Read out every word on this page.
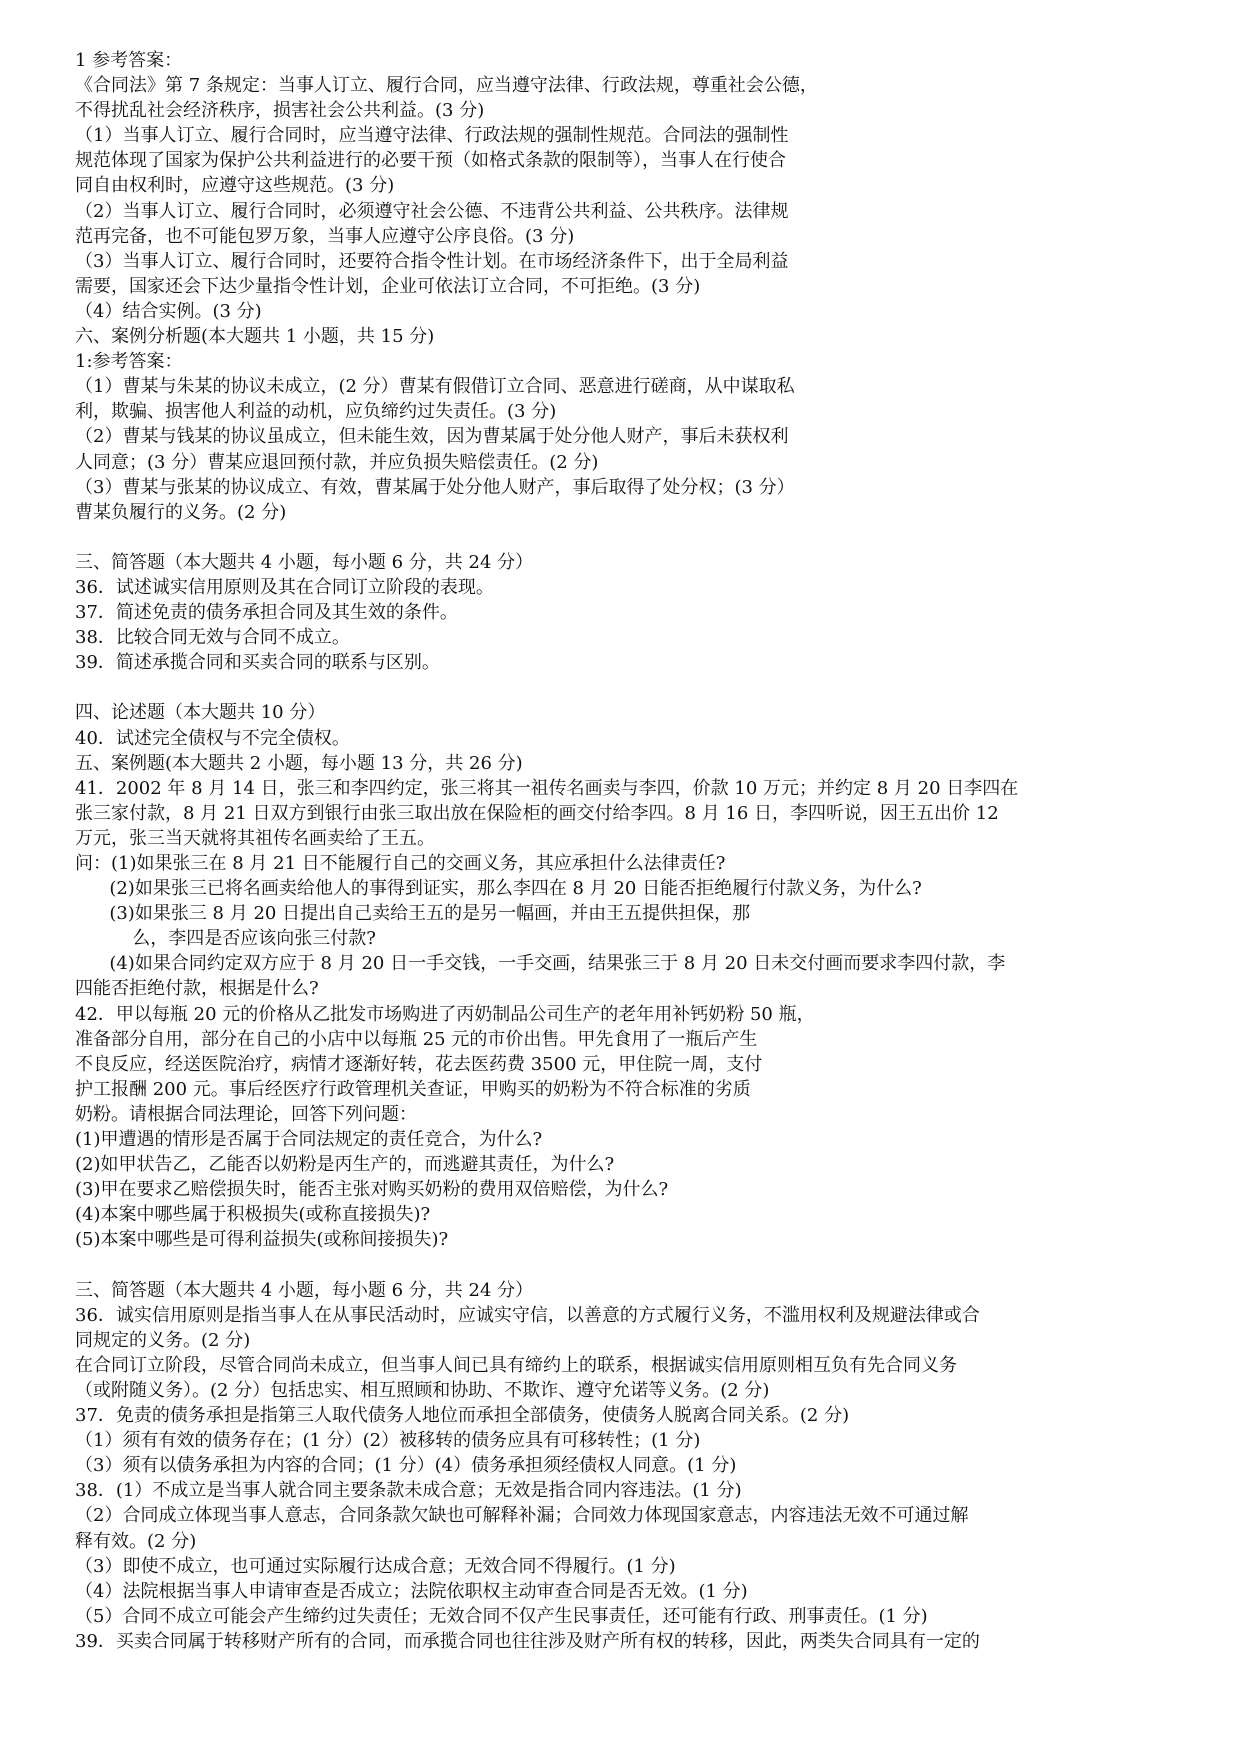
1 参考答案：
《合同法》第 7 条规定：当事人订立、履行合同，应当遵守法律、行政法规，尊重社会公德，
不得扰乱社会经济秩序，损害社会公共利益。(3 分)
（1）当事人订立、履行合同时，应当遵守法律、行政法规的强制性规范。合同法的强制性
规范体现了国家为保护公共利益进行的必要干预（如格式条款的限制等），当事人在行使合
同自由权利时，应遵守这些规范。(3 分)
（2）当事人订立、履行合同时，必须遵守社会公德、不违背公共利益、公共秩序。法律规
范再完备，也不可能包罗万象，当事人应遵守公序良俗。(3 分)
（3）当事人订立、履行合同时，还要符合指令性计划。在市场经济条件下，出于全局利益
需要，国家还会下达少量指令性计划，企业可依法订立合同，不可拒绝。(3 分)
（4）结合实例。(3 分)
六、案例分析题(本大题共 1 小题，共 15 分)
1:参考答案：
（1）曹某与朱某的协议未成立，(2 分）曹某有假借订立合同、恶意进行磋商，从中谋取私
利，欺骗、损害他人利益的动机，应负缔约过失责任。(3 分)
（2）曹某与钱某的协议虽成立，但未能生效，因为曹某属于处分他人财产，事后未获权利
人同意；(3 分）曹某应退回预付款，并应负损失赔偿责任。(2 分)
（3）曹某与张某的协议成立、有效，曹某属于处分他人财产，事后取得了处分权；(3 分）
曹某负履行的义务。(2 分)
三、简答题（本大题共 4 小题，每小题 6 分，共 24 分）
36．试述诚实信用原则及其在合同订立阶段的表现。
37．简述免责的债务承担合同及其生效的条件。
38．比较合同无效与合同不成立。
39．简述承揽合同和买卖合同的联系与区别。
四、论述题（本大题共 10 分）
40．试述完全债权与不完全债权。
五、案例题(本大题共 2 小题，每小题 13 分，共 26 分)
41．2002 年 8 月 14 日，张三和李四约定，张三将其一祖传名画卖与李四，价款 10 万元；并约定 8 月 20 日李四在
张三家付款，8 月 21 日双方到银行由张三取出放在保险柜的画交付给李四。8 月 16 日，李四听说，因王五出价 12
万元，张三当天就将其祖传名画卖给了王五。
问：(1)如果张三在 8 月 21 日不能履行自己的交画义务，其应承担什么法律责任?
(2)如果张三已将名画卖给他人的事得到证实，那么李四在 8 月 20 日能否拒绝履行付款义务，为什么?
(3)如果张三 8 月 20 日提出自己卖给王五的是另一幅画，并由王五提供担保，那
么，李四是否应该向张三付款?
(4)如果合同约定双方应于 8 月 20 日一手交钱，一手交画，结果张三于 8 月 20 日未交付画而要求李四付款，李
四能否拒绝付款，根据是什么?
42．甲以每瓶 20 元的价格从乙批发市场购进了丙奶制品公司生产的老年用补钙奶粉 50 瓶，
准备部分自用，部分在自己的小店中以每瓶 25 元的市价出售。甲先食用了一瓶后产生
不良反应，经送医院治疗，病情才逐渐好转，花去医药费 3500 元，甲住院一周，支付
护工报酬 200 元。事后经医疗行政管理机关查证，甲购买的奶粉为不符合标准的劣质
奶粉。请根据合同法理论，回答下列问题：
(1)甲遭遇的情形是否属于合同法规定的责任竞合，为什么?
(2)如甲状告乙，乙能否以奶粉是丙生产的，而逃避其责任，为什么?
(3)甲在要求乙赔偿损失时，能否主张对购买奶粉的费用双倍赔偿，为什么?
(4)本案中哪些属于积极损失(或称直接损失)?
(5)本案中哪些是可得利益损失(或称间接损失)?
三、简答题（本大题共 4 小题，每小题 6 分，共 24 分）
36．诚实信用原则是指当事人在从事民活动时，应诚实守信，以善意的方式履行义务，不滥用权利及规避法律或合
同规定的义务。(2 分)
在合同订立阶段，尽管合同尚未成立，但当事人间已具有缔约上的联系，根据诚实信用原则相互负有先合同义务
（或附随义务）。(2 分）包括忠实、相互照顾和协助、不欺诈、遵守允诺等义务。(2 分)
37．免责的债务承担是指第三人取代债务人地位而承担全部债务，使债务人脱离合同关系。(2 分)
（1）须有有效的债务存在；(1 分）(2）被移转的债务应具有可移转性；(1 分)
（3）须有以债务承担为内容的合同；(1 分）(4）债务承担须经债权人同意。(1 分)
38．(1）不成立是当事人就合同主要条款未成合意；无效是指合同内容违法。(1 分)
（2）合同成立体现当事人意志，合同条款欠缺也可解释补漏；合同效力体现国家意志，内容违法无效不可通过解
释有效。(2 分)
（3）即使不成立，也可通过实际履行达成合意；无效合同不得履行。(1 分)
（4）法院根据当事人申请审查是否成立；法院依职权主动审查合同是否无效。(1 分)
（5）合同不成立可能会产生缔约过失责任；无效合同不仅产生民事责任，还可能有行政、刑事责任。(1 分)
39．买卖合同属于转移财产所有的合同，而承揽合同也往往涉及财产所有权的转移，因此，两类失合同具有一定的
